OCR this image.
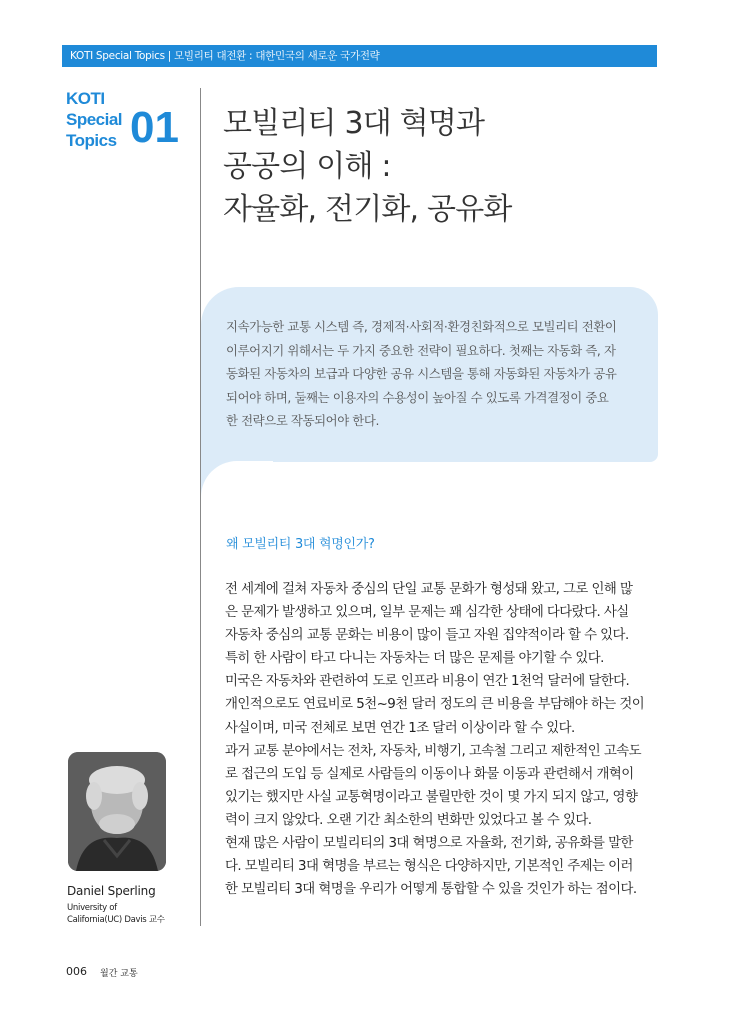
KOTI Special Topics | 모빌리티 대전환 : 대한민국의 새로운 국가전략
KOTI
Special
Topics 01 모빌리티 3대 혁명과
공공의 이해 :
자율화, 전기화, 공유화
지속가능한 교통 시스템 즉, 경제적·사회적·환경친화적으로 모빌리티 전환이
이루어지기 위해서는 두 가지 중요한 전략이 필요하다. 첫째는 자동화 즉, 자
동화된 자동차의 보급과 다양한 공유 시스템을 통해 자동화된 자동차가 공유
되어야 하며, 둘째는 이용자의 수용성이 높아질 수 있도록 가격결정이 중요
한 전략으로 작동되어야 한다.
왜 모빌리티 3대 혁명인가?
전 세계에 걸쳐 자동차 중심의 단일 교통 문화가 형성돼 왔고, 그로 인해 많
은 문제가 발생하고 있으며, 일부 문제는 꽤 심각한 상태에 다다랐다. 사실
자동차 중심의 교통 문화는 비용이 많이 들고 자원 집약적이라 할 수 있다.
특히 한 사람이 타고 다니는 자동차는 더 많은 문제를 야기할 수 있다.
미국은 자동차와 관련하여 도로 인프라 비용이 연간 1천억 달러에 달한다.
개인적으로도 연료비로 5천~9천 달러 정도의 큰 비용을 부담해야 하는 것이
사실이며, 미국 전체로 보면 연간 1조 달러 이상이라 할 수 있다.
과거 교통 분야에서는 전차, 자동차, 비행기, 고속철 그리고 제한적인 고속도
로 접근의 도입 등 실제로 사람들의 이동이나 화물 이동과 관련해서 개혁이
있기는 했지만 사실 교통혁명이라고 불릴만한 것이 몇 가지 되지 않고, 영향
력이 크지 않았다. 오랜 기간 최소한의 변화만 있었다고 볼 수 있다.
현재 많은 사람이 모빌리티의 3대 혁명으로 자율화, 전기화, 공유화를 말한
다. 모빌리티 3대 혁명을 부르는 형식은 다양하지만, 기본적인 주제는 이러
한 모빌리티 3대 혁명을 우리가 어떻게 통합할 수 있을 것인가 하는 점이다.
Daniel Sperling
University of
California(UC) Davis 교수
006 월간 교통
